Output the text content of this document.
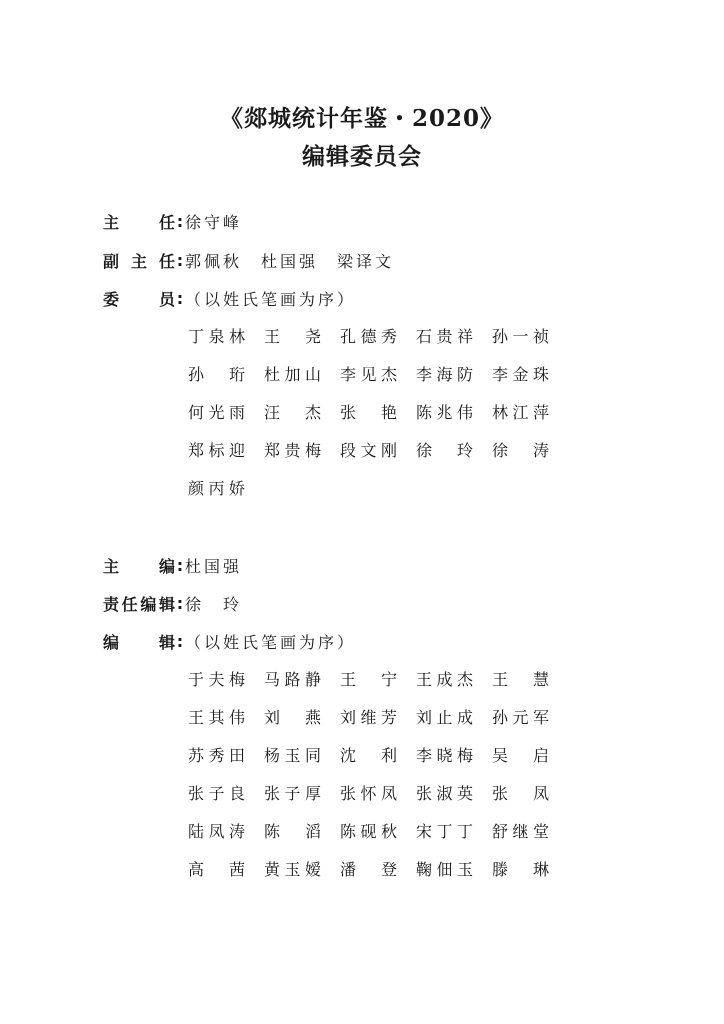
《郯城统计年鉴・2020》
编辑委员会
主 任 : 徐守峰
副 主 任 : 郭佩秋　杜国强　梁译文
委 员 : （以姓氏笔画为序）
丁 泉 林 王 尧 孔 德 秀 石 贵 祥 孙 一 祯
孙 珩 杜 加 山 李 见 杰 李 海 防 李 金 珠
何 光 雨 汪 杰 张 艳 陈 兆 伟 林 江 萍
郑 标 迎 郑 贵 梅 段 文 刚 徐 玲 徐 涛
颜 丙 娇
主 编 : 杜国强
责 任 编 辑 : 徐　玲
编 辑 : （以姓氏笔画为序）
于 夫 梅 马 路 静 王 宁 王 成 杰 王 慧
王 其 伟 刘 燕 刘 维 芳 刘 止 成 孙 元 军
苏 秀 田 杨 玉 同 沈 利 李 晓 梅 吴 启
张 子 良 张 子 厚 张 怀 凤 张 淑 英 张 凤
陆 凤 涛 陈 滔 陈 砚 秋 宋 丁 丁 舒 继 堂
高 茜 黄 玉 嫒 潘 登 鞠 佃 玉 滕 琳
